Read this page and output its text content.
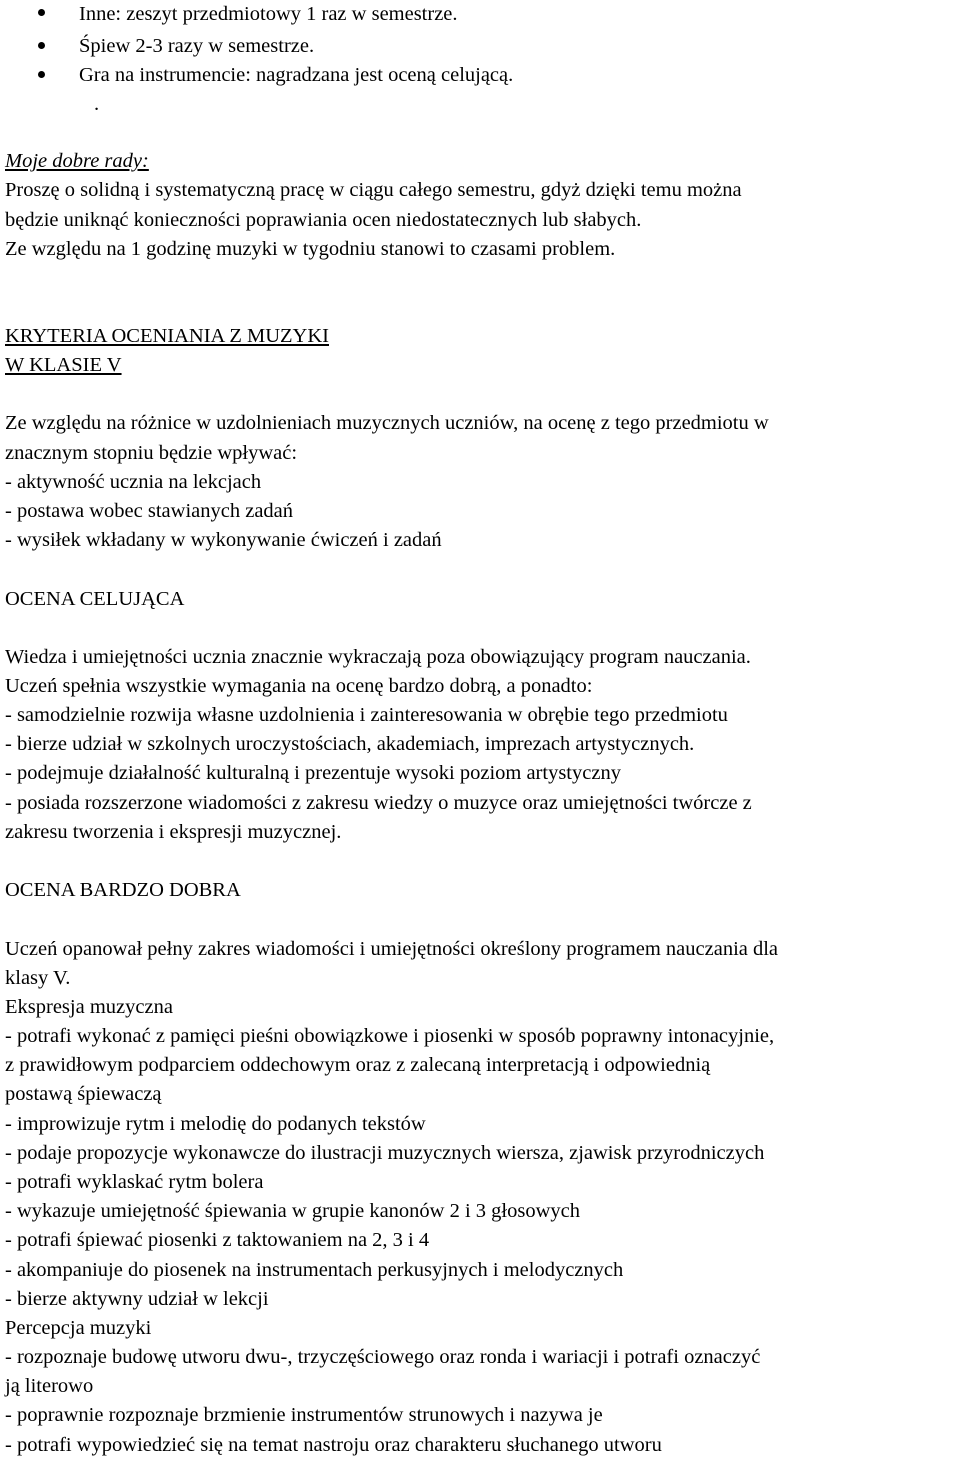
Inne: zeszyt przedmiotowy 1 raz w semestrze.
Śpiew 2-3 razy w semestrze.
Gra na instrumencie: nagradzana jest oceną celującą.
.
Moje dobre rady:
Proszę o solidną i systematyczną pracę w ciągu całego semestru, gdyż dzięki temu można
będzie uniknąć konieczności poprawiania ocen niedostatecznych lub słabych.
Ze względu na 1 godzinę muzyki w tygodniu stanowi to czasami problem.
KRYTERIA OCENIANIA Z MUZYKI
W KLASIE V
Ze względu na różnice w uzdolnieniach muzycznych uczniów, na ocenę z tego przedmiotu w
znacznym stopniu będzie wpływać:
- aktywność ucznia na lekcjach
- postawa wobec stawianych zadań
- wysiłek wkładany w wykonywanie ćwiczeń i zadań
OCENA CELUJĄCA
Wiedza i umiejętności ucznia znacznie wykraczają poza obowiązujący program nauczania.
Uczeń spełnia wszystkie wymagania na ocenę bardzo dobrą, a ponadto:
- samodzielnie rozwija własne uzdolnienia i zainteresowania w obrębie tego przedmiotu
- bierze udział w szkolnych uroczystościach, akademiach, imprezach artystycznych.
- podejmuje działalność kulturalną i prezentuje wysoki poziom artystyczny
- posiada rozszerzone wiadomości z zakresu wiedzy o muzyce oraz umiejętności twórcze z
zakresu tworzenia i ekspresji muzycznej.
OCENA BARDZO DOBRA
Uczeń opanował pełny zakres wiadomości i umiejętności określony programem nauczania dla
klasy V.
Ekspresja muzyczna
- potrafi wykonać z pamięci pieśni obowiązkowe i piosenki w sposób poprawny intonacyjnie,
z prawidłowym podparciem oddechowym oraz z zalecaną interpretacją i odpowiednią
postawą śpiewaczą
- improwizuje rytm i melodię do podanych tekstów
- podaje propozycje wykonawcze do ilustracji muzycznych wiersza, zjawisk przyrodniczych
- potrafi wyklaskać rytm bolera
- wykazuje umiejętność śpiewania w grupie kanonów 2 i 3 głosowych
- potrafi śpiewać piosenki z taktowaniem na 2, 3 i 4
- akompaniuje do piosenek na instrumentach perkusyjnych i melodycznych
- bierze aktywny udział w lekcji
Percepcja muzyki
- rozpoznaje budowę utworu dwu-, trzyczęściowego oraz ronda i wariacji i potrafi oznaczyć
ją literowo
- poprawnie rozpoznaje brzmienie instrumentów strunowych i nazywa je
- potrafi wypowiedzieć się na temat nastroju oraz charakteru słuchanego utworu
